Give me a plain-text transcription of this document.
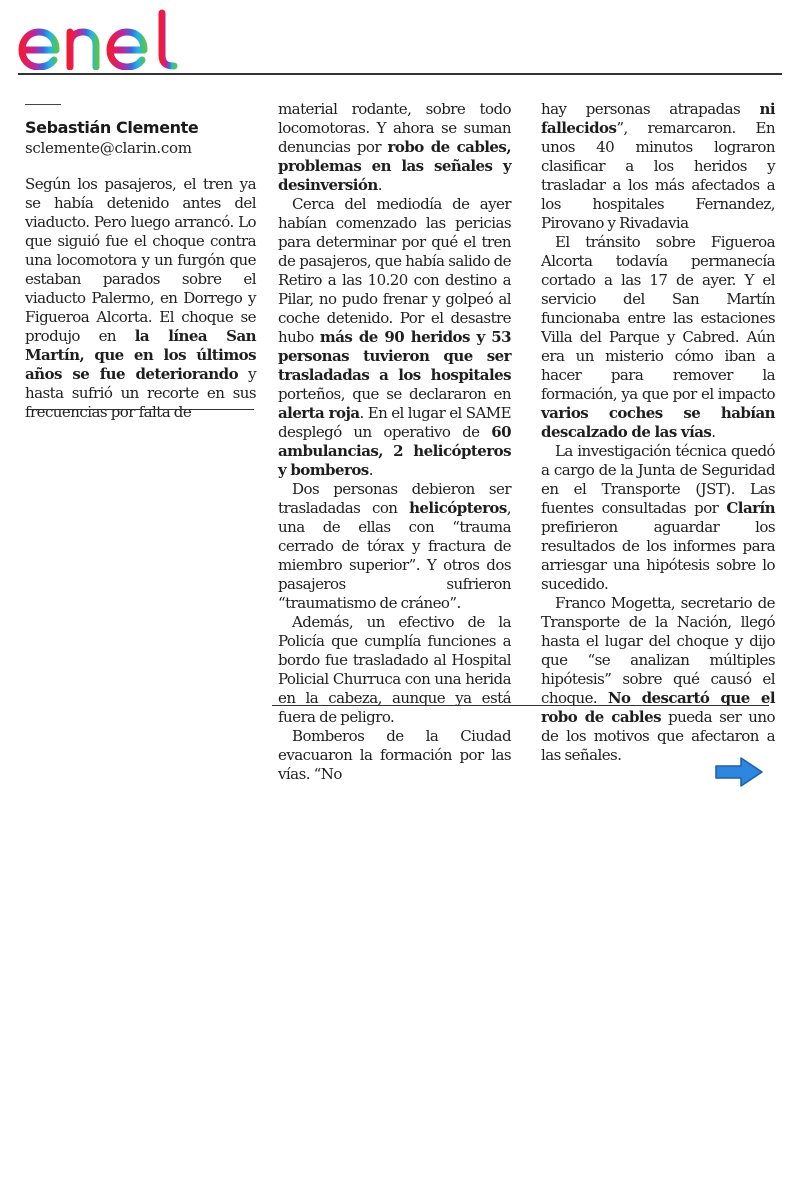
Sebastián Clemente
sclemente@clarin.com

Según los pasajeros, el tren ya se había detenido antes del viaducto. Pero luego arrancó. Lo que siguió fue el choque contra una locomotora y un furgón que estaban parados sobre el viaducto Palermo, en Dorrego y Figueroa Alcorta. El choque se produjo en la línea San Martín, que en los últimos años se fue deteriorando y hasta sufrió un recorte en sus frecuencias por falta de

material rodante, sobre todo locomotoras. Y ahora se suman denuncias por robo de cables, problemas en las señales y desinversión.

Cerca del mediodía de ayer habían comenzado las pericias para determinar por qué el tren de pasajeros, que había salido de Retiro a las 10.20 con destino a Pilar, no pudo frenar y golpeó al coche detenido. Por el desastre hubo más de 90 heridos y 53 personas tuvieron que ser trasladadas a los hospitales porteños, que se declararon en alerta roja. En el lugar el SAME desplegó un operativo de 60 ambulancias, 2 helicópteros y bomberos.

Dos personas debieron ser trasladadas con helicópteros, una de ellas con “trauma cerrado de tórax y fractura de miembro superior”. Y otros dos pasajeros sufrieron “traumatismo de cráneo”.

Además, un efectivo de la Policía que cumplía funciones a bordo fue trasladado al Hospital Policial Churruca con una herida en la cabeza, aunque ya está fuera de peligro.

Bomberos de la Ciudad evacuaron la formación por las vías. “No

hay personas atrapadas ni fallecidos”, remarcaron. En unos 40 minutos lograron clasificar a los heridos y trasladar a los más afectados a los hospitales Fernandez, Pirovano y Rivadavia

El tránsito sobre Figueroa Alcorta todavía permanecía cortado a las 17 de ayer. Y el servicio del San Martín funcionaba entre las estaciones Villa del Parque y Cabred. Aún era un misterio cómo iban a hacer para remover la formación, ya que por el impacto varios coches se habían descalzado de las vías.

La investigación técnica quedó a cargo de la Junta de Seguridad en el Transporte (JST). Las fuentes consultadas por Clarín prefirieron aguardar los resultados de los informes para arriesgar una hipótesis sobre lo sucedido.

Franco Mogetta, secretario de Transporte de la Nación, llegó hasta el lugar del choque y dijo que “se analizan múltiples hipótesis” sobre qué causó el choque. No descartó que el robo de cables pueda ser uno de los motivos que afectaron a las señales.
